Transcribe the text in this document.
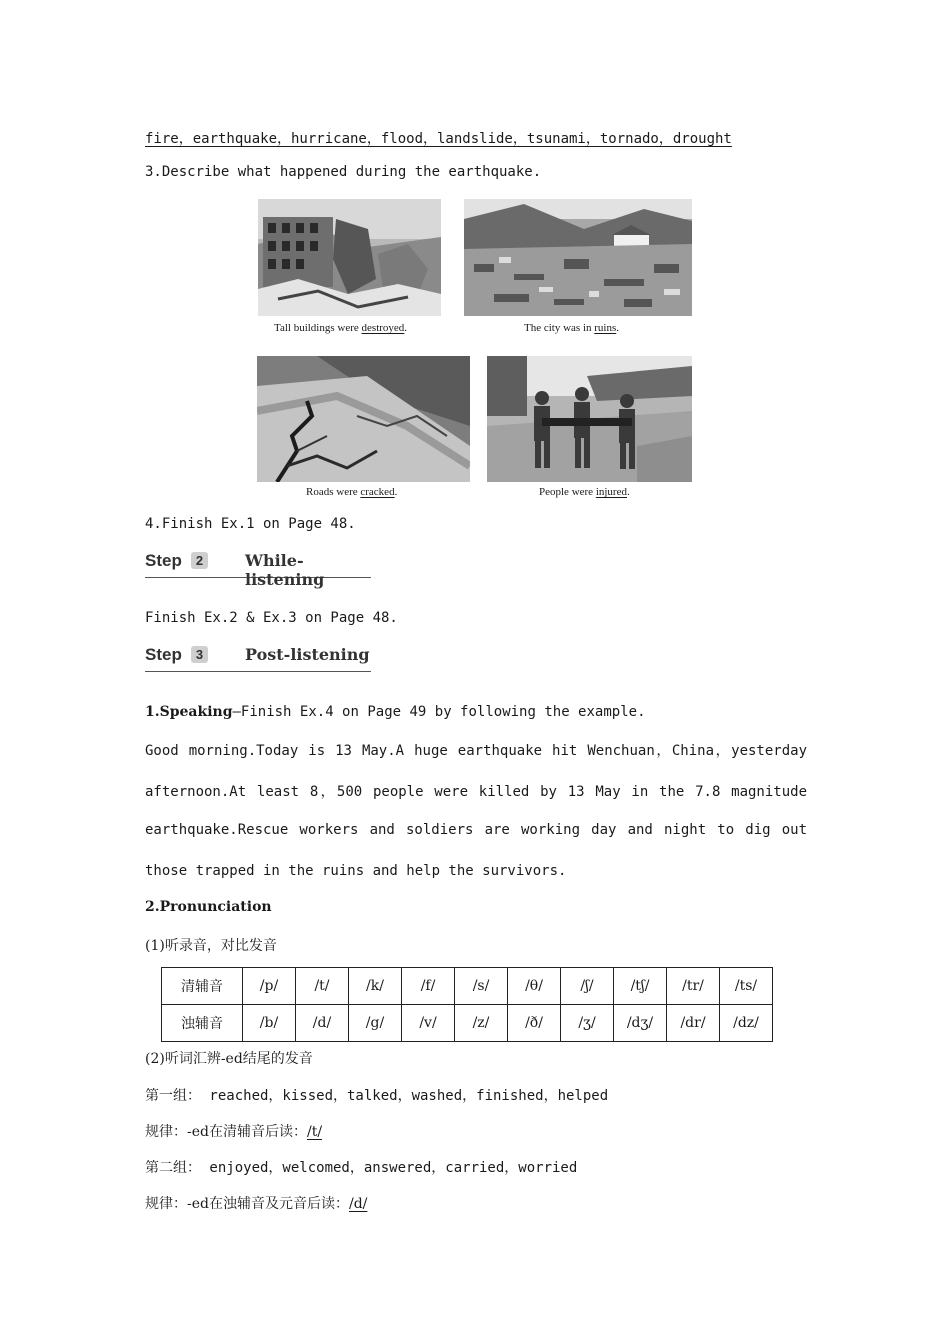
fire，earthquake，hurricane，flood，landslide，tsunami，tornado，drought
3.Describe what happened during the earthquake.
Tall buildings were destroyed.	The city was in ruins.
Roads were cracked.	People were injured.
4.Finish Ex.1 on Page 48.
Step	2	While-listening
Finish Ex.2 & Ex.3 on Page 48.
Step	3	Post-listening
1.Speaking—Finish Ex.4 on Page 49 by following the example.
Good morning.Today is 13 May.A huge earthquake hit Wenchuan，China，yesterday
afternoon.At least 8，500 people were killed by 13 May in the 7.8 magnitude
earthquake.Rescue workers and soldiers are working day and night to dig out
those trapped in the ruins and help the survivors.
2.Pronunciation
(1)听录音，对比发音
清辅音	/p/	/t/	/k/	/f/	/s/	/θ/	/ʃ/	/tʃ/	/tr/	/ts/
浊辅音	/b/	/d/	/g/	/v/	/z/	/ð/	/ʒ/	/dʒ/	/dr/	/dz/
(2)听词汇辨-ed结尾的发音
第一组： reached，kissed，talked，washed，finished，helped
规律：-ed在清辅音后读：/t/
第二组： enjoyed，welcomed，answered，carried，worried
规律：-ed在浊辅音及元音后读：/d/
